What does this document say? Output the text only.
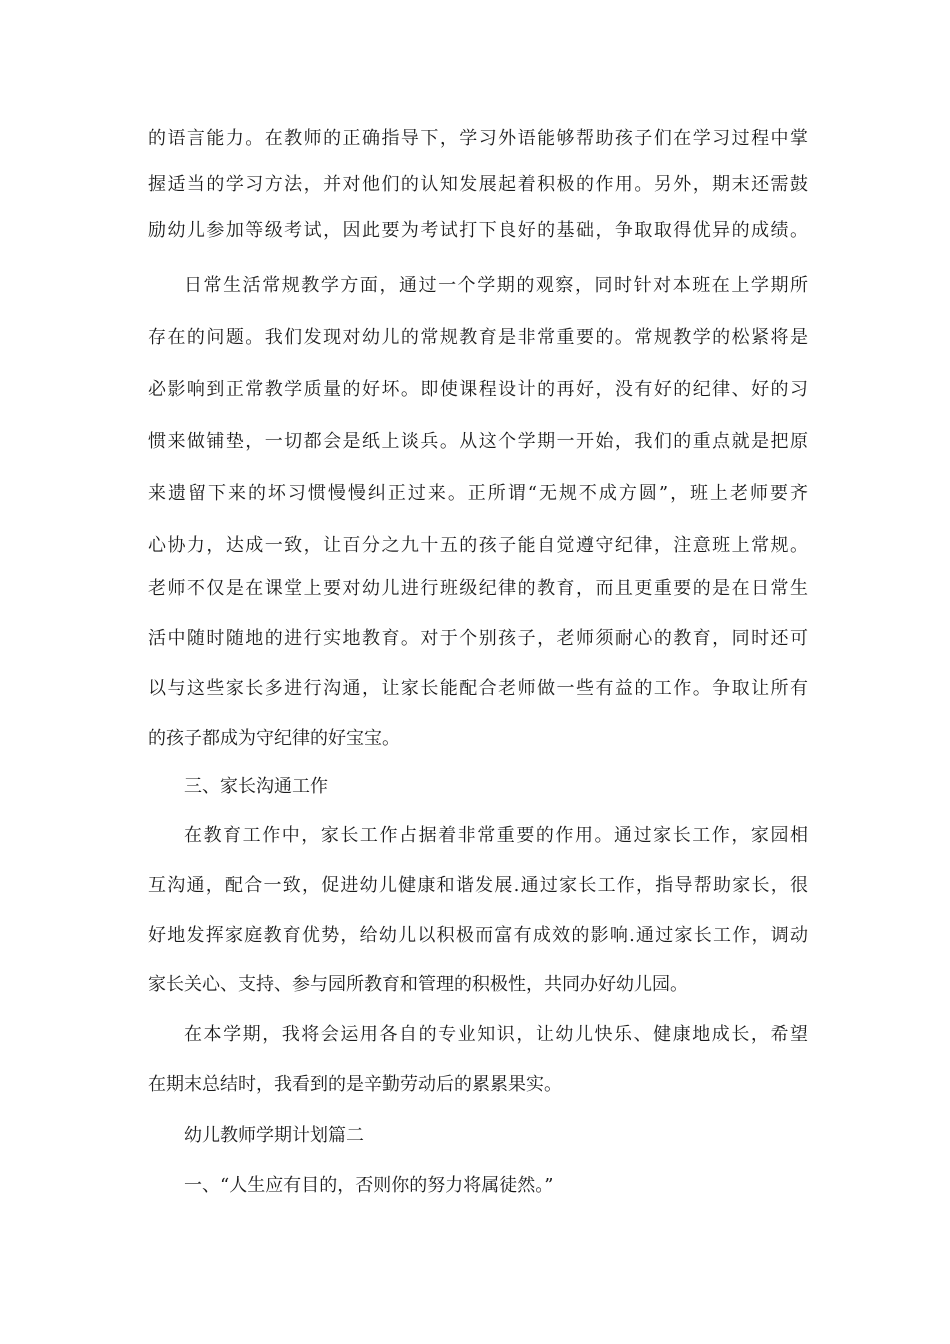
的语言能力。在教师的正确指导下，学习外语能够帮助孩子们在学习过程中掌
握适当的学习方法，并对他们的认知发展起着积极的作用。另外，期末还需鼓
励幼儿参加等级考试，因此要为考试打下良好的基础，争取取得优异的成绩。
日常生活常规教学方面，通过一个学期的观察，同时针对本班在上学期所
存在的问题。我们发现对幼儿的常规教育是非常重要的。常规教学的松紧将是
必影响到正常教学质量的好坏。即使课程设计的再好，没有好的纪律、好的习
惯来做铺垫，一切都会是纸上谈兵。从这个学期一开始，我们的重点就是把原
来遗留下来的坏习惯慢慢纠正过来。正所谓“无规不成方圆”，班上老师要齐
心协力，达成一致，让百分之九十五的孩子能自觉遵守纪律，注意班上常规。
老师不仅是在课堂上要对幼儿进行班级纪律的教育，而且更重要的是在日常生
活中随时随地的进行实地教育。对于个别孩子，老师须耐心的教育，同时还可
以与这些家长多进行沟通，让家长能配合老师做一些有益的工作。争取让所有
的孩子都成为守纪律的好宝宝。
三、家长沟通工作
在教育工作中，家长工作占据着非常重要的作用。通过家长工作，家园相
互沟通，配合一致，促进幼儿健康和谐发展.通过家长工作，指导帮助家长，很
好地发挥家庭教育优势，给幼儿以积极而富有成效的影响.通过家长工作，调动
家长关心、支持、参与园所教育和管理的积极性，共同办好幼儿园。
在本学期，我将会运用各自的专业知识，让幼儿快乐、健康地成长，希望
在期末总结时，我看到的是辛勤劳动后的累累果实。
幼儿教师学期计划篇二
一、“人生应有目的，否则你的努力将属徒然。”
